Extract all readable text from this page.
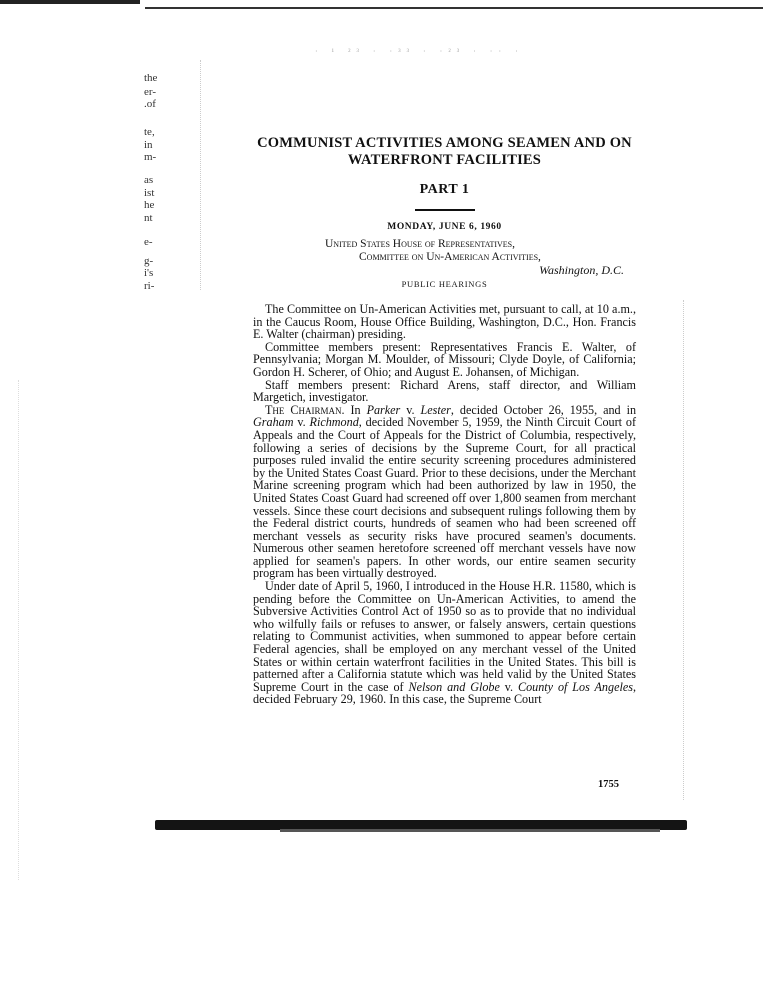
· ¹ ²³ · ·³³ · ·²³ · ·· ·
the
er-
.of
te,
in
m-
as
ist
he
nt
e-
g-
i's
ri-
COMMUNIST ACTIVITIES AMONG SEAMEN AND ON
WATERFRONT FACILITIES
PART 1
MONDAY, JUNE 6, 1960
United States House of Representatives,
Committee on Un-American Activities,
Washington, D.C.
PUBLIC HEARINGS

The Committee on Un-American Activities met, pursuant to call, at 10 a.m., in the Caucus Room, House Office Building, Washington, D.C., Hon. Francis E. Walter (chairman) presiding.

Committee members present: Representatives Francis E. Walter, of Pennsylvania; Morgan M. Moulder, of Missouri; Clyde Doyle, of California; Gordon H. Scherer, of Ohio; and August E. Johansen, of Michigan.

Staff members present: Richard Arens, staff director, and William Margetich, investigator.

The Chairman. In Parker v. Lester, decided October 26, 1955, and in Graham v. Richmond, decided November 5, 1959, the Ninth Circuit Court of Appeals and the Court of Appeals for the District of Columbia, respectively, following a series of decisions by the Supreme Court, for all practical purposes ruled invalid the entire security screening procedures administered by the United States Coast Guard. Prior to these decisions, under the Merchant Marine screening program which had been authorized by law in 1950, the United States Coast Guard had screened off over 1,800 seamen from merchant vessels. Since these court decisions and subsequent rulings following them by the Federal district courts, hundreds of seamen who had been screened off merchant vessels as security risks have procured seamen's documents. Numerous other seamen heretofore screened off merchant vessels have now applied for seamen's papers. In other words, our entire seamen security program has been virtually destroyed.

Under date of April 5, 1960, I introduced in the House H.R. 11580, which is pending before the Committee on Un-American Activities, to amend the Subversive Activities Control Act of 1950 so as to provide that no individual who wilfully fails or refuses to answer, or falsely answers, certain questions relating to Communist activities, when summoned to appear before certain Federal agencies, shall be employed on any merchant vessel of the United States or within certain waterfront facilities in the United States. This bill is patterned after a California statute which was held valid by the United States Supreme Court in the case of Nelson and Globe v. County of Los Angeles, decided February 29, 1960. In this case, the Supreme Court

1755
